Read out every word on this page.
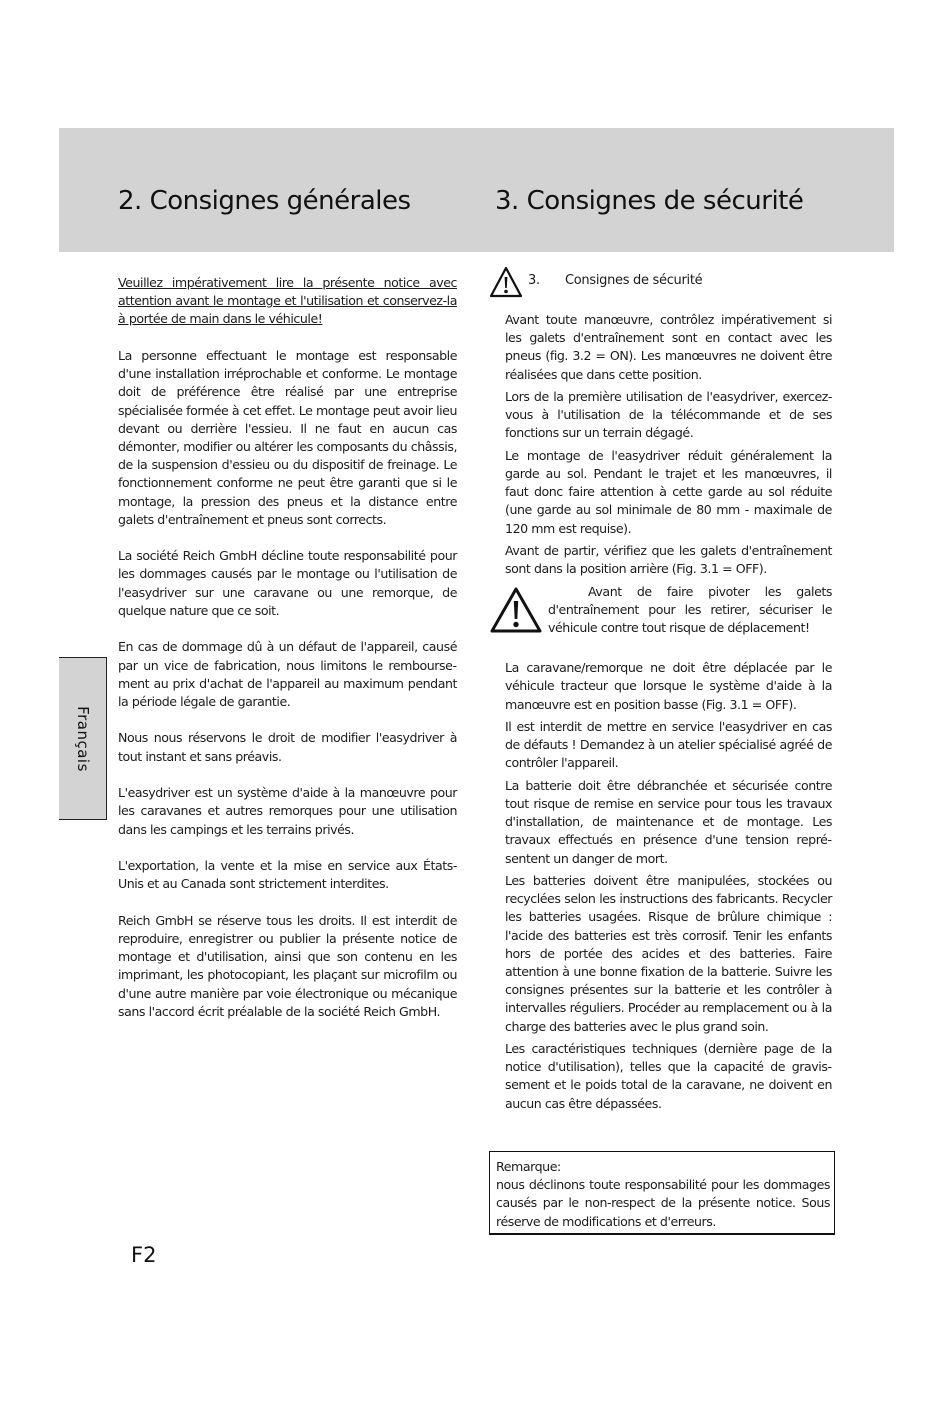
2. Consignes générales	3. Consignes de sécurité

Veuillez impérativement lire la présente notice avec attention avant le montage et l'utilisation et conservez-la à portée de main dans le véhicule!

La personne effectuant le montage est responsable d'une installation irréprochable et conforme. Le montage doit de préférence être réalisé par une entreprise spécialisée formée à cet effet. Le montage peut avoir lieu devant ou derrière l'essieu. Il ne faut en aucun cas démonter, modifier ou altérer les composants du châssis, de la suspension d'essieu ou du dispositif de freinage. Le fonctionnement conforme ne peut être garanti que si le montage, la pression des pneus et la distance entre galets d'entraînement et pneus sont corrects.

La société Reich GmbH décline toute responsabilité pour les dommages causés par le montage ou l'utilisation de l'easydriver sur une caravane ou une remorque, de quelque nature que ce soit.

En cas de dommage dû à un défaut de l'appareil, causé par un vice de fabrication, nous limitons le remboursement au prix d'achat de l'appareil au maximum pendant la période légale de garantie.

Nous nous réservons le droit de modifier l'easydriver à tout instant et sans préavis.

L'easydriver est un système d'aide à la manœuvre pour les caravanes et autres remorques pour une utilisation dans les campings et les terrains privés.

L'exportation, la vente et la mise en service aux États-Unis et au Canada sont strictement interdites.

Reich GmbH se réserve tous les droits. Il est interdit de reproduire, enregistrer ou publier la présente notice de montage et d'utilisation, ainsi que son contenu en les imprimant, les photocopiant, les plaçant sur microfilm ou d'une autre manière par voie électronique ou mécanique sans l'accord écrit préalable de la société Reich GmbH.

Français
3. Consignes de sécurité

Avant toute manœuvre, contrôlez impérativement si les galets d'entraînement sont en contact avec les pneus (fig. 3.2 = ON). Les manœuvres ne doivent être réalisées que dans cette position.

Lors de la première utilisation de l'easydriver, exercez-vous à l'utilisation de la télécommande et de ses fonctions sur un terrain dégagé.

Le montage de l'easydriver réduit généralement la garde au sol. Pendant le trajet et les manœuvres, il faut donc faire attention à cette garde au sol réduite (une garde au sol minimale de 80 mm - maximale de 120 mm est requise).

Avant de partir, vérifiez que les galets d'entraînement sont dans la position arrière (Fig. 3.1 = OFF).

Avant de faire pivoter les galets d'entraînement pour les retirer, sécuriser le véhicule contre tout risque de déplacement!

La caravane/remorque ne doit être déplacée par le véhicule tracteur que lorsque le système d'aide à la manœuvre est en position basse (Fig. 3.1 = OFF).

Il est interdit de mettre en service l'easydriver en cas de défauts ! Demandez à un atelier spécialisé agréé de contrôler l'appareil.

La batterie doit être débranchée et sécurisée contre tout risque de remise en service pour tous les travaux d'installation, de maintenance et de montage. Les travaux effectués en présence d'une tension représentent un danger de mort.

Les batteries doivent être manipulées, stockées ou recyclées selon les instructions des fabricants. Recycler les batteries usagées. Risque de brûlure chimique : l'acide des batteries est très corrosif. Tenir les enfants hors de portée des acides et des batteries. Faire attention à une bonne fixation de la batterie. Suivre les consignes présentes sur la batterie et les contrôler à intervalles réguliers. Procéder au remplacement ou à la charge des batteries avec le plus grand soin.

Les caractéristiques techniques (dernière page de la notice d'utilisation), telles que la capacité de gravissement et le poids total de la caravane, ne doivent en aucun cas être dépassées.

Remarque:
nous déclinons toute responsabilité pour les dommages causés par le non-respect de la présente notice. Sous réserve de modifications et d'erreurs.
F2
